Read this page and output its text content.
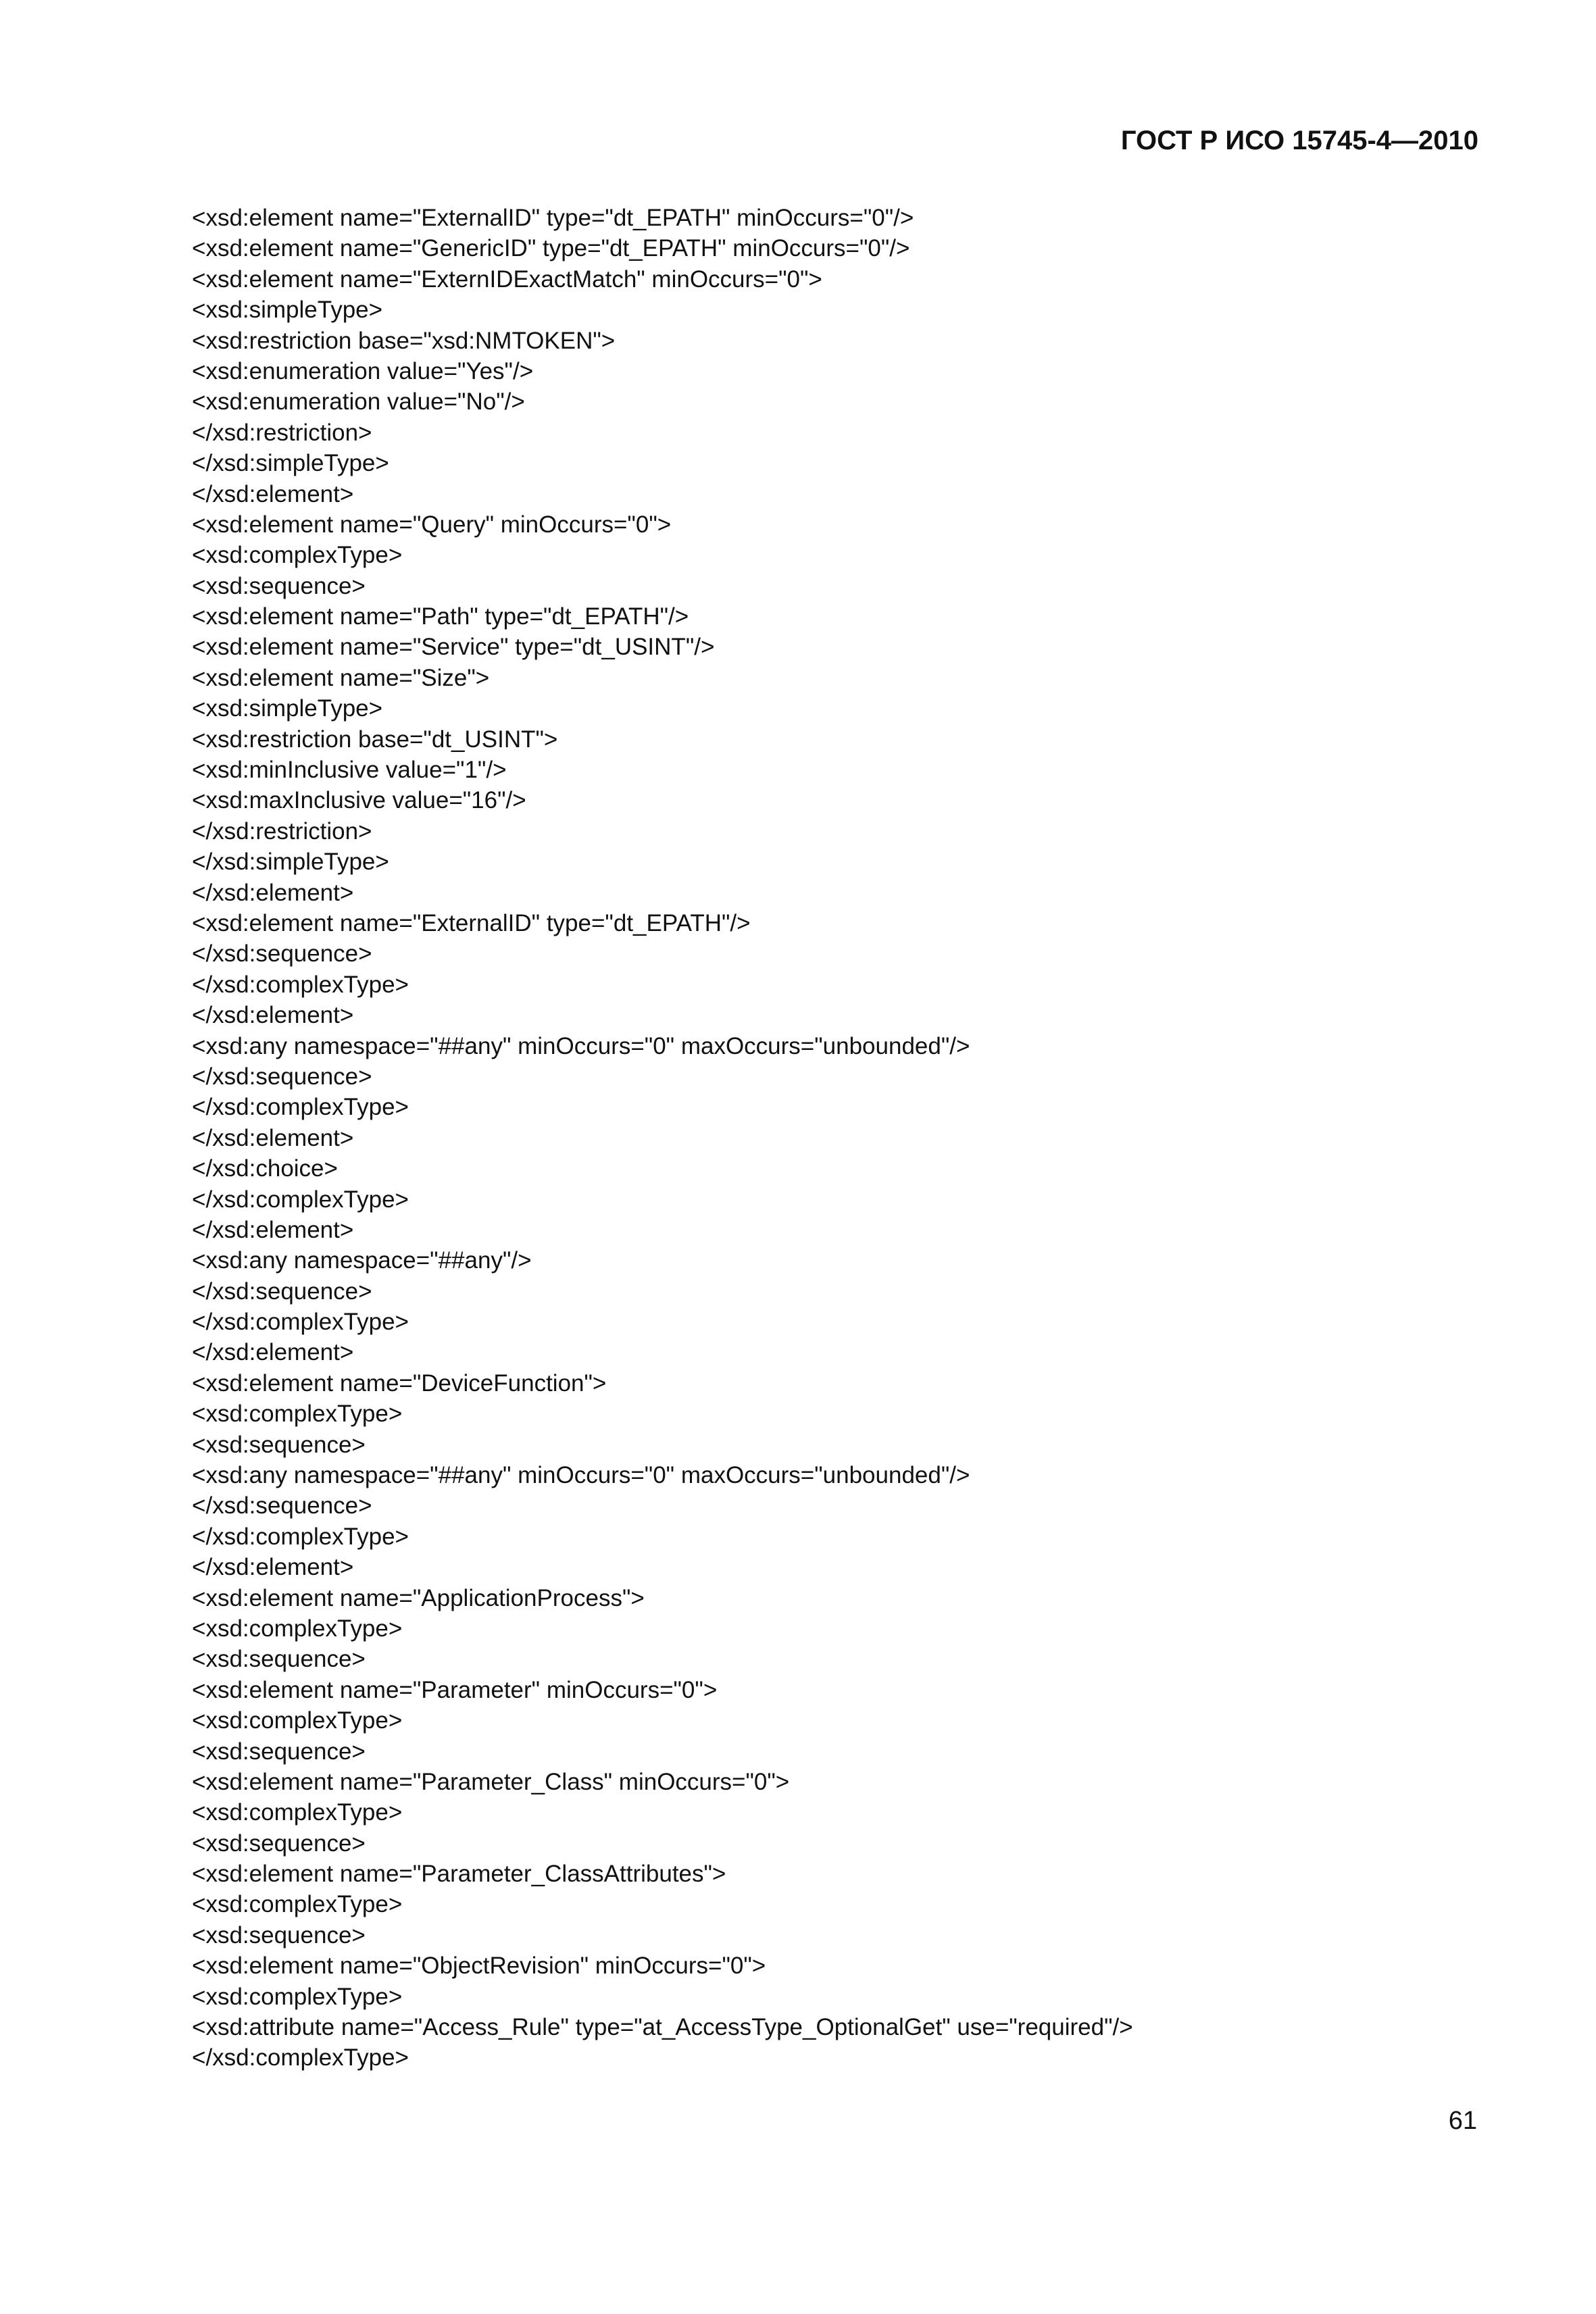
ГОСТ Р ИСО 15745-4—2010
<xsd:element name="ExternalID" type="dt_EPATH" minOccurs="0"/>
<xsd:element name="GenericID" type="dt_EPATH" minOccurs="0"/>
<xsd:element name="ExternIDExactMatch" minOccurs="0">
<xsd:simpleType>
<xsd:restriction base="xsd:NMTOKEN">
<xsd:enumeration value="Yes"/>
<xsd:enumeration value="No"/>
</xsd:restriction>
</xsd:simpleType>
</xsd:element>
<xsd:element name="Query" minOccurs="0">
<xsd:complexType>
<xsd:sequence>
<xsd:element name="Path" type="dt_EPATH"/>
<xsd:element name="Service" type="dt_USINT"/>
<xsd:element name="Size">
<xsd:simpleType>
<xsd:restriction base="dt_USINT">
<xsd:minInclusive value="1"/>
<xsd:maxInclusive value="16"/>
</xsd:restriction>
</xsd:simpleType>
</xsd:element>
<xsd:element name="ExternalID" type="dt_EPATH"/>
</xsd:sequence>
</xsd:complexType>
</xsd:element>
<xsd:any namespace="##any" minOccurs="0" maxOccurs="unbounded"/>
</xsd:sequence>
</xsd:complexType>
</xsd:element>
</xsd:choice>
</xsd:complexType>
</xsd:element>
<xsd:any namespace="##any"/>
</xsd:sequence>
</xsd:complexType>
</xsd:element>
<xsd:element name="DeviceFunction">
<xsd:complexType>
<xsd:sequence>
<xsd:any namespace="##any" minOccurs="0" maxOccurs="unbounded"/>
</xsd:sequence>
</xsd:complexType>
</xsd:element>
<xsd:element name="ApplicationProcess">
<xsd:complexType>
<xsd:sequence>
<xsd:element name="Parameter" minOccurs="0">
<xsd:complexType>
<xsd:sequence>
<xsd:element name="Parameter_Class" minOccurs="0">
<xsd:complexType>
<xsd:sequence>
<xsd:element name="Parameter_ClassAttributes">
<xsd:complexType>
<xsd:sequence>
<xsd:element name="ObjectRevision" minOccurs="0">
<xsd:complexType>
<xsd:attribute name="Access_Rule" type="at_AccessType_OptionalGet" use="required"/>
</xsd:complexType>
61
